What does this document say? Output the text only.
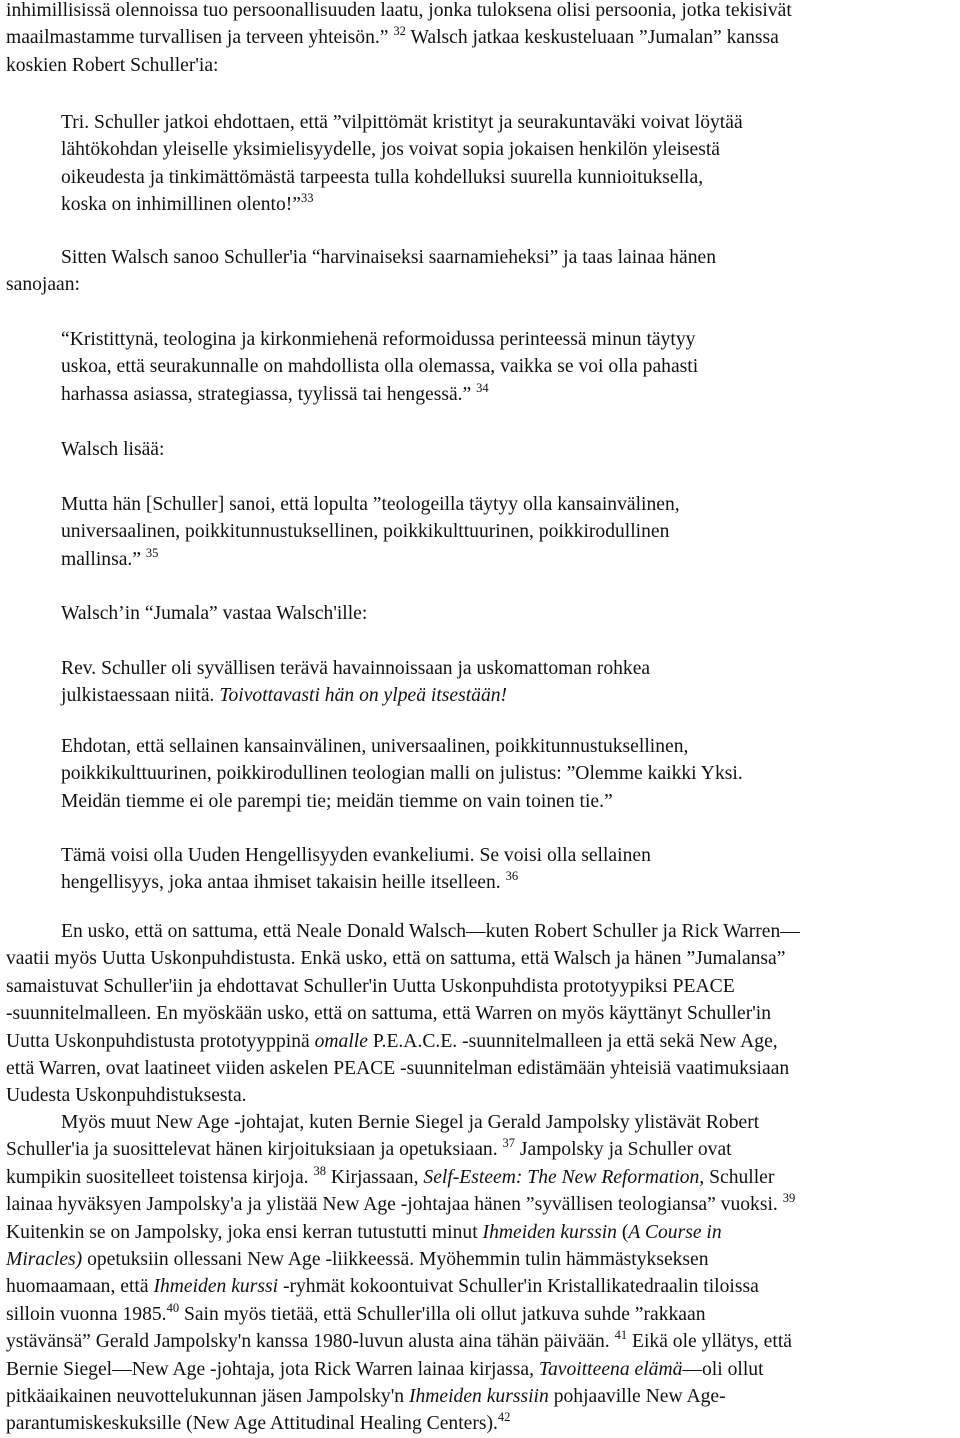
inhimillisissä olennoissa tuo persoonallisuuden laatu, jonka tuloksena olisi persoonia, jotka tekisivät
maailmastamme turvallisen ja terveen yhteisön.” $^{32}$ Walsch jatkaa keskusteluaan ”Jumalan” kanssa
koskien Robert Schuller'ia:
Tri. Schuller jatkoi ehdottaen, että ”vilpittömät kristityt ja seurakuntaväki voivat löytää
lähtökohdan yleiselle yksimielisyydelle, jos voivat sopia jokaisen henkilön yleisestä
oikeudesta ja tinkimättömästä tarpeesta tulla kohdelluksi suurella kunnioituksella,
koska on inhimillinen olento!”$^{33}$
Sitten Walsch sanoo Schuller'ia “harvinaiseksi saarnamieheksi” ja taas lainaa hänen
sanojaan:
“Kristittynä, teologina ja kirkonmiehenä reformoidussa perinteessä minun täytyy
uskoa, että seurakunnalle on mahdollista olla olemassa, vaikka se voi olla pahasti
harhassa asiassa, strategiassa, tyylissä tai hengessä.” $^{34}$
Walsch lisää:
Mutta hän [Schuller] sanoi, että lopulta ”teologeilla täytyy olla kansainvälinen,
universaalinen, poikkitunnustuksellinen, poikkikulttuurinen, poikkirodullinen
mallinsa.” $^{35}$
Walsch’in “Jumala” vastaa Walsch'ille:
Rev. Schuller oli syvällisen terävä havainnoissaan ja uskomattoman rohkea
julkistaessaan niitä. Toivottavasti hän on ylpeä itsestään!
Ehdotan, että sellainen kansainvälinen, universaalinen, poikkitunnustuksellinen,
poikkikulttuurinen, poikkirodullinen teologian malli on julistus: ”Olemme kaikki Yksi.
Meidän tiemme ei ole parempi tie; meidän tiemme on vain toinen tie.”
Tämä voisi olla Uuden Hengellisyyden evankeliumi. Se voisi olla sellainen
hengellisyys, joka antaa ihmiset takaisin heille itselleen. $^{36}$
En usko, että on sattuma, että Neale Donald Walsch—kuten Robert Schuller ja Rick Warren—
vaatii myös Uutta Uskonpuhdistusta. Enkä usko, että on sattuma, että Walsch ja hänen ”Jumalansa”
samaistuvat Schuller'iin ja ehdottavat Schuller'in Uutta Uskonpuhdista prototyypiksi PEACE
-suunnitelmalleen. En myöskään usko, että on sattuma, että Warren on myös käyttänyt Schuller'in
Uutta Uskonpuhdistusta prototyyppinä omalle P.E.A.C.E. -suunnitelmalleen ja että sekä New Age,
että Warren, ovat laatineet viiden askelen PEACE -suunnitelman edistämään yhteisiä vaatimuksiaan
Uudesta Uskonpuhdistuksesta.
Myös muut New Age -johtajat, kuten Bernie Siegel ja Gerald Jampolsky ylistävät Robert
Schuller'ia ja suosittelevat hänen kirjoituksiaan ja opetuksiaan. $^{37}$ Jampolsky ja Schuller ovat
kumpikin suositelleet toistensa kirjoja. $^{38}$ Kirjassaan, Self-Esteem: The New Reformation, Schuller
lainaa hyväksyen Jampolsky'a ja ylistää New Age -johtajaa hänen ”syvällisen teologiansa” vuoksi. $^{39}$
Kuitenkin se on Jampolsky, joka ensi kerran tutustutti minut Ihmeiden kurssin (A Course in
Miracles) opetuksiin ollessani New Age -liikkeessä. Myöhemmin tulin hämmästykseksen
huomaamaan, että Ihmeiden kurssi -ryhmät kokoontuivat Schuller'in Kristallikatedraalin tiloissa
silloin vuonna 1985.40 Sain myös tietää, että Schuller'illa oli ollut jatkuva suhde ”rakkaan
ystävänsä” Gerald Jampolsky'n kanssa 1980-luvun alusta aina tähän päivään. $^{41}$ Eikä ole yllätys, että
Bernie Siegel—New Age -johtaja, jota Rick Warren lainaa kirjassa, Tavoitteena elämä—oli ollut
pitkäaikainen neuvottelukunnan jäsen Jampolsky'n Ihmeiden kurssiin pohjaaville New Age-
parantumiskeskuksille (New Age Attitudinal Healing Centers).$^{42}$
